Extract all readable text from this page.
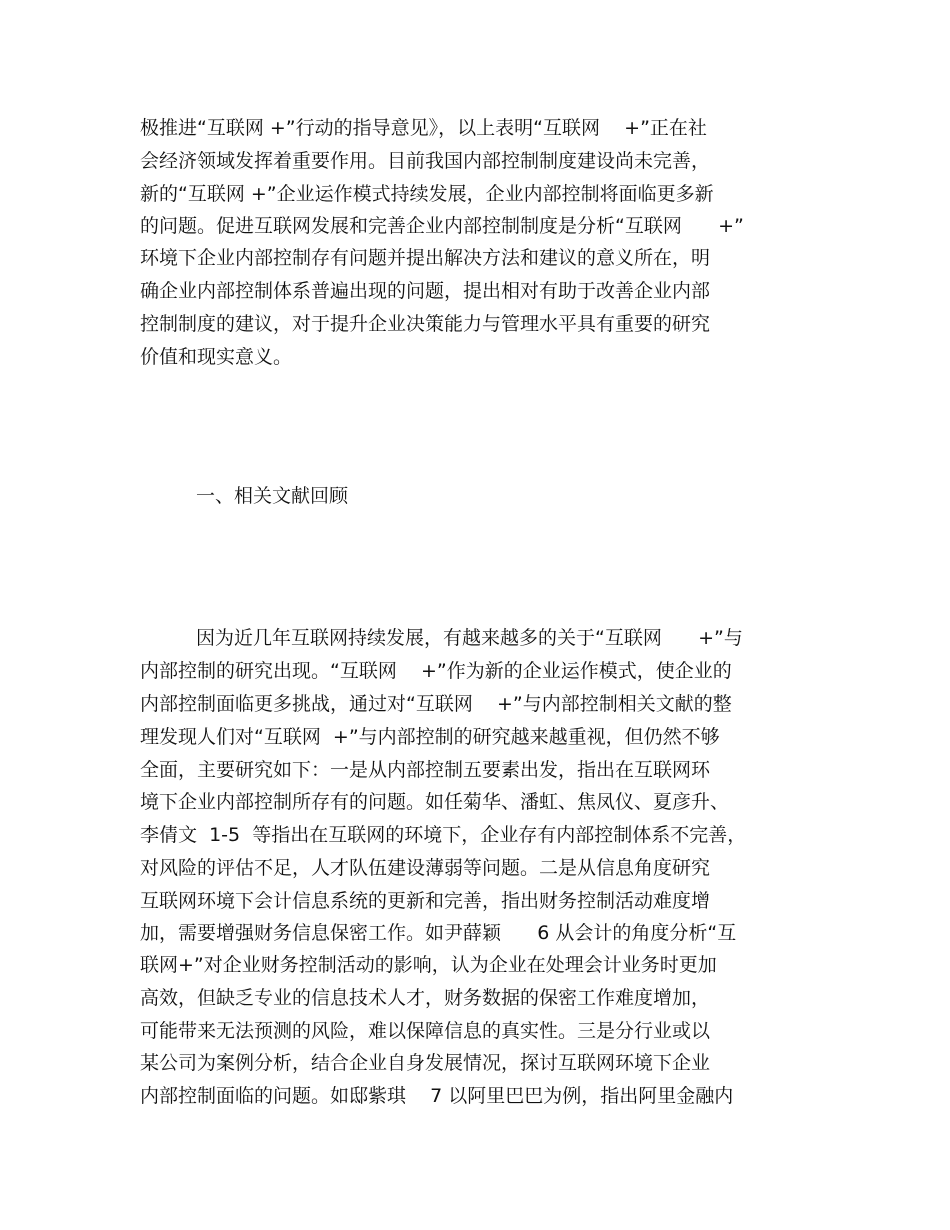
极推进“互联网 +”行动的指导意见》，以上表明“互联网    +”正在社
会经济领域发挥着重要作用。目前我国内部控制制度建设尚未完善，
新的“互联网 +”企业运作模式持续发展，企业内部控制将面临更多新
的问题。促进互联网发展和完善企业内部控制制度是分析“互联网      +”
环境下企业内部控制存有问题并提出解决方法和建议的意义所在，明
确企业内部控制体系普遍出现的问题，提出相对有助于改善企业内部
控制制度的建议，对于提升企业决策能力与管理水平具有重要的研究
价值和现实意义。
一、相关文献回顾
因为近几年互联网持续发展，有越来越多的关于“互联网      +”与
内部控制的研究出现。“互联网    +”作为新的企业运作模式，使企业的
内部控制面临更多挑战，通过对“互联网    +”与内部控制相关文献的整
理发现人们对“互联网  +”与内部控制的研究越来越重视，但仍然不够
全面，主要研究如下：一是从内部控制五要素出发，指出在互联网环
境下企业内部控制所存有的问题。如任菊华、潘虹、焦凤仪、夏彦升、
李倩文  1-5  等指出在互联网的环境下，企业存有内部控制体系不完善，
对风险的评估不足，人才队伍建设薄弱等问题。二是从信息角度研究
互联网环境下会计信息系统的更新和完善，指出财务控制活动难度增
加，需要增强财务信息保密工作。如尹薛颖      6 从会计的角度分析“互
联网+”对企业财务控制活动的影响，认为企业在处理会计业务时更加
高效，但缺乏专业的信息技术人才，财务数据的保密工作难度增加，
可能带来无法预测的风险，难以保障信息的真实性。三是分行业或以
某公司为案例分析，结合企业自身发展情况，探讨互联网环境下企业
内部控制面临的问题。如邸紫琪    7 以阿里巴巴为例，指出阿里金融内
